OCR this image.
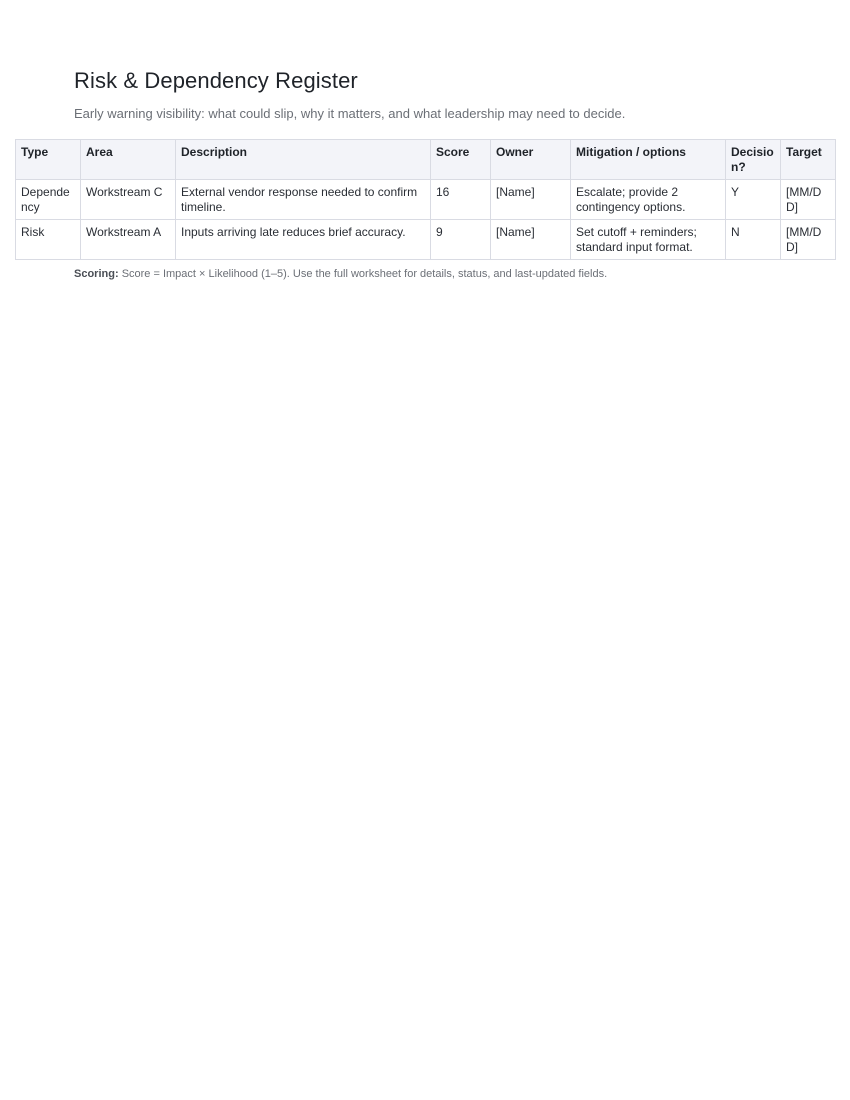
Risk & Dependency Register

Early warning visibility: what could slip, why it matters, and what leadership may need to decide.

Type	Area	Description	Score	Owner	Mitigation / options	Decision?	Target
Dependency	Workstream C	External vendor response needed to confirm timeline.	16	[Name]	Escalate; provide 2 contingency options.	Y	[MM/DD]
Risk	Workstream A	Inputs arriving late reduces brief accuracy.	9	[Name]	Set cutoff + reminders; standard input format.	N	[MM/DD]

Scoring: Score = Impact × Likelihood (1–5). Use the full worksheet for details, status, and last-updated fields.
